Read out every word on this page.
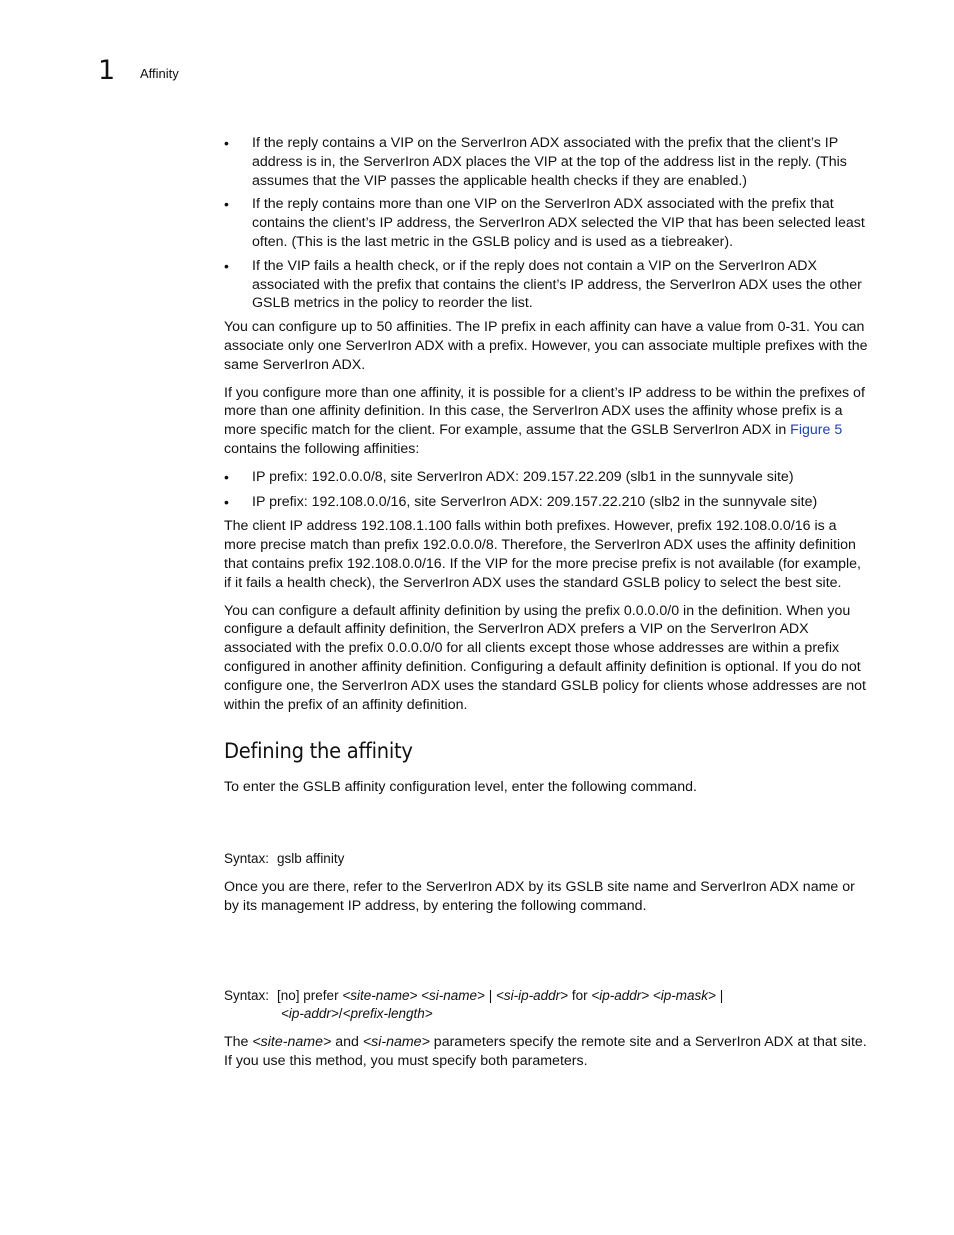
1 Affinity
• If the reply contains a VIP on the ServerIron ADX associated with the prefix that the client’s IP address is in, the ServerIron ADX places the VIP at the top of the address list in the reply. (This assumes that the VIP passes the applicable health checks if they are enabled.)
• If the reply contains more than one VIP on the ServerIron ADX associated with the prefix that contains the client’s IP address, the ServerIron ADX selected the VIP that has been selected least often. (This is the last metric in the GSLB policy and is used as a tiebreaker).
• If the VIP fails a health check, or if the reply does not contain a VIP on the ServerIron ADX associated with the prefix that contains the client’s IP address, the ServerIron ADX uses the other GSLB metrics in the policy to reorder the list.

You can configure up to 50 affinities. The IP prefix in each affinity can have a value from 0-31. You can associate only one ServerIron ADX with a prefix. However, you can associate multiple prefixes with the same ServerIron ADX.

If you configure more than one affinity, it is possible for a client’s IP address to be within the prefixes of more than one affinity definition. In this case, the ServerIron ADX uses the affinity whose prefix is a more specific match for the client. For example, assume that the GSLB ServerIron ADX in Figure 5 contains the following affinities:

• IP prefix: 192.0.0.0/8, site ServerIron ADX: 209.157.22.209 (slb1 in the sunnyvale site)
• IP prefix: 192.108.0.0/16, site ServerIron ADX: 209.157.22.210 (slb2 in the sunnyvale site)

The client IP address 192.108.1.100 falls within both prefixes. However, prefix 192.108.0.0/16 is a more precise match than prefix 192.0.0.0/8. Therefore, the ServerIron ADX uses the affinity definition that contains prefix 192.108.0.0/16. If the VIP for the more precise prefix is not available (for example, if it fails a health check), the ServerIron ADX uses the standard GSLB policy to select the best site.

You can configure a default affinity definition by using the prefix 0.0.0.0/0 in the definition. When you configure a default affinity definition, the ServerIron ADX prefers a VIP on the ServerIron ADX associated with the prefix 0.0.0.0/0 for all clients except those whose addresses are within a prefix configured in another affinity definition. Configuring a default affinity definition is optional. If you do not configure one, the ServerIron ADX uses the standard GSLB policy for clients whose addresses are not within the prefix of an affinity definition.

Defining the affinity

To enter the GSLB affinity configuration level, enter the following command.

Syntax: gslb affinity

Once you are there, refer to the ServerIron ADX by its GSLB site name and ServerIron ADX name or by its management IP address, by entering the following command.

Syntax: [no] prefer <site-name> <si-name> | <si-ip-addr> for <ip-addr> <ip-mask> |
<ip-addr>/<prefix-length>

The <site-name> and <si-name> parameters specify the remote site and a ServerIron ADX at that site. If you use this method, you must specify both parameters.
